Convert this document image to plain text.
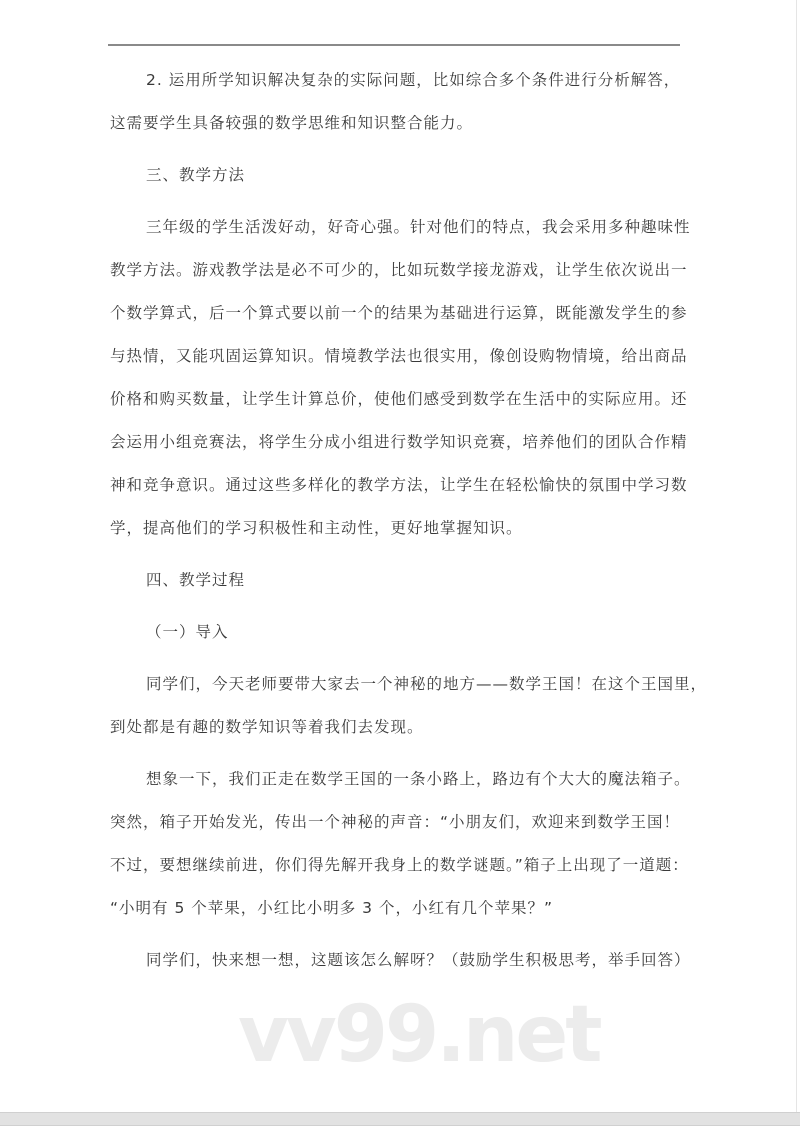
2. 运用所学知识解决复杂的实际问题，比如综合多个条件进行分析解答，
这需要学生具备较强的数学思维和知识整合能力。
三、教学方法
三年级的学生活泼好动，好奇心强。针对他们的特点，我会采用多种趣味性
教学方法。游戏教学法是必不可少的，比如玩数学接龙游戏，让学生依次说出一
个数学算式，后一个算式要以前一个的结果为基础进行运算，既能激发学生的参
与热情，又能巩固运算知识。情境教学法也很实用，像创设购物情境，给出商品
价格和购买数量，让学生计算总价，使他们感受到数学在生活中的实际应用。还
会运用小组竞赛法，将学生分成小组进行数学知识竞赛，培养他们的团队合作精
神和竞争意识。通过这些多样化的教学方法，让学生在轻松愉快的氛围中学习数
学，提高他们的学习积极性和主动性，更好地掌握知识。
四、教学过程
（一）导入
同学们，今天老师要带大家去一个神秘的地方——数学王国！在这个王国里，
到处都是有趣的数学知识等着我们去发现。
想象一下，我们正走在数学王国的一条小路上，路边有个大大的魔法箱子。
突然，箱子开始发光，传出一个神秘的声音：“小朋友们，欢迎来到数学王国！
不过，要想继续前进，你们得先解开我身上的数学谜题。”箱子上出现了一道题：
“小明有 5 个苹果，小红比小明多 3 个，小红有几个苹果？”
同学们，快来想一想，这题该怎么解呀？（鼓励学生积极思考，举手回答）
vv99.net
